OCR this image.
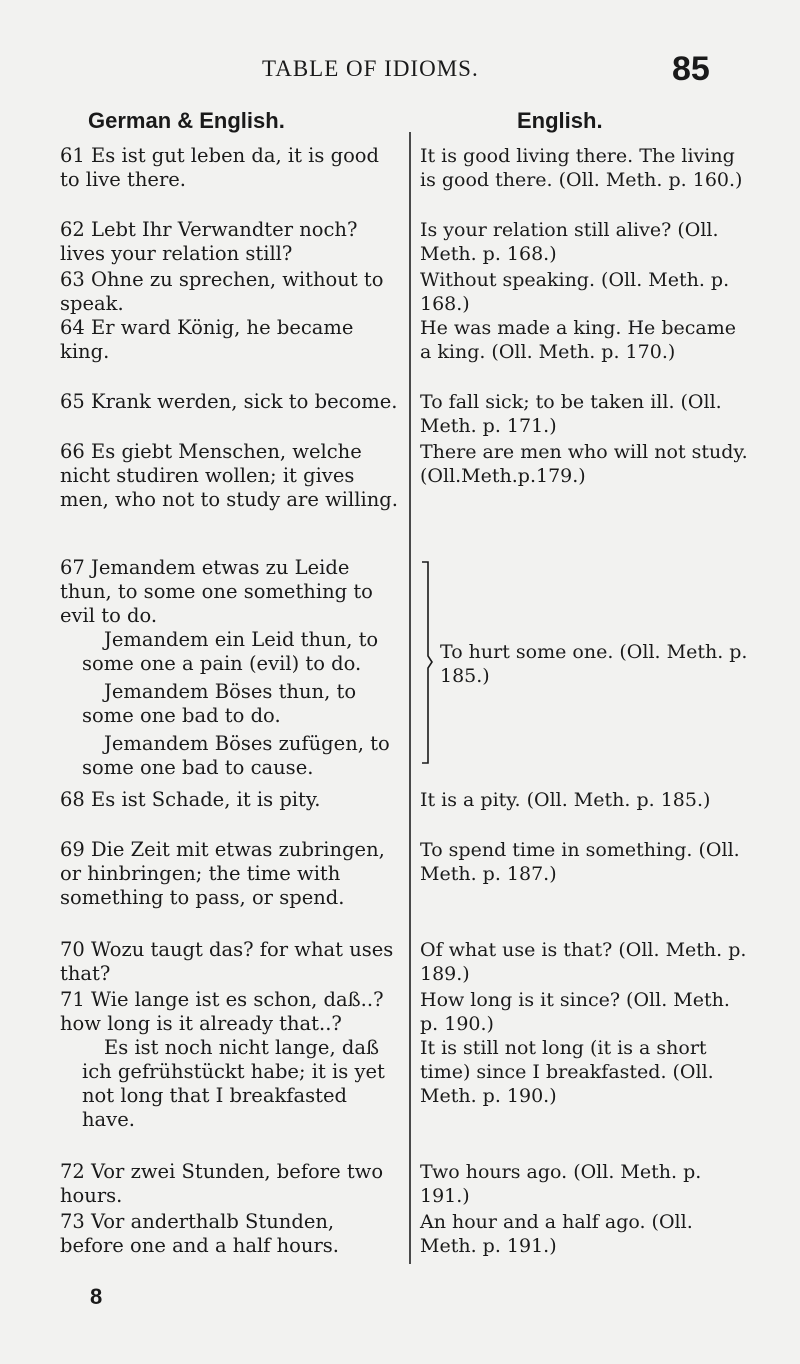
TABLE OF IDIOMS.	85
German & English.	English.

61 Es ist gut leben da, it is good to live there.

62 Lebt Ihr Verwandter noch? lives your relation still?

63 Ohne zu sprechen, without to speak.

64 Er ward König, he became king.

65 Krank werden, sick to become.

66 Es giebt Menschen, welche nicht studiren wollen; it gives men, who not to study are willing.

67 Jemandem etwas zu Leide thun, to some one something to evil to do.

Jemandem ein Leid thun, to some one a pain (evil) to do.

Jemandem Böses thun, to some one bad to do.

Jemandem Böses zufügen, to some one bad to cause.

68 Es ist Schade, it is pity.

69 Die Zeit mit etwas zubringen, or hinbringen; the time with something to pass, or spend.

70 Wozu taugt das? for what uses that?

71 Wie lange ist es schon, daß..? how long is it already that..?

Es ist noch nicht lange, daß ich gefrühstückt habe; it is yet not long that I breakfasted have.

72 Vor zwei Stunden, before two hours.

73 Vor anderthalb Stunden, before one and a half hours.

It is good living there. The living is good there. (Oll. Meth. p. 160.)

Is your relation still alive? (Oll. Meth. p. 168.)

Without speaking. (Oll. Meth. p. 168.)

He was made a king. He became a king. (Oll. Meth. p. 170.)

To fall sick; to be taken ill. (Oll. Meth. p. 171.)

There are men who will not study. (Oll.Meth.p.179.)

To hurt some one. (Oll. Meth. p. 185.)

It is a pity. (Oll. Meth. p. 185.)

To spend time in something. (Oll. Meth. p. 187.)

Of what use is that? (Oll. Meth. p. 189.)

How long is it since? (Oll. Meth. p. 190.)

It is still not long (it is a short time) since I breakfasted. (Oll. Meth. p. 190.)

Two hours ago. (Oll. Meth. p. 191.)

An hour and a half ago. (Oll. Meth. p. 191.)

8
